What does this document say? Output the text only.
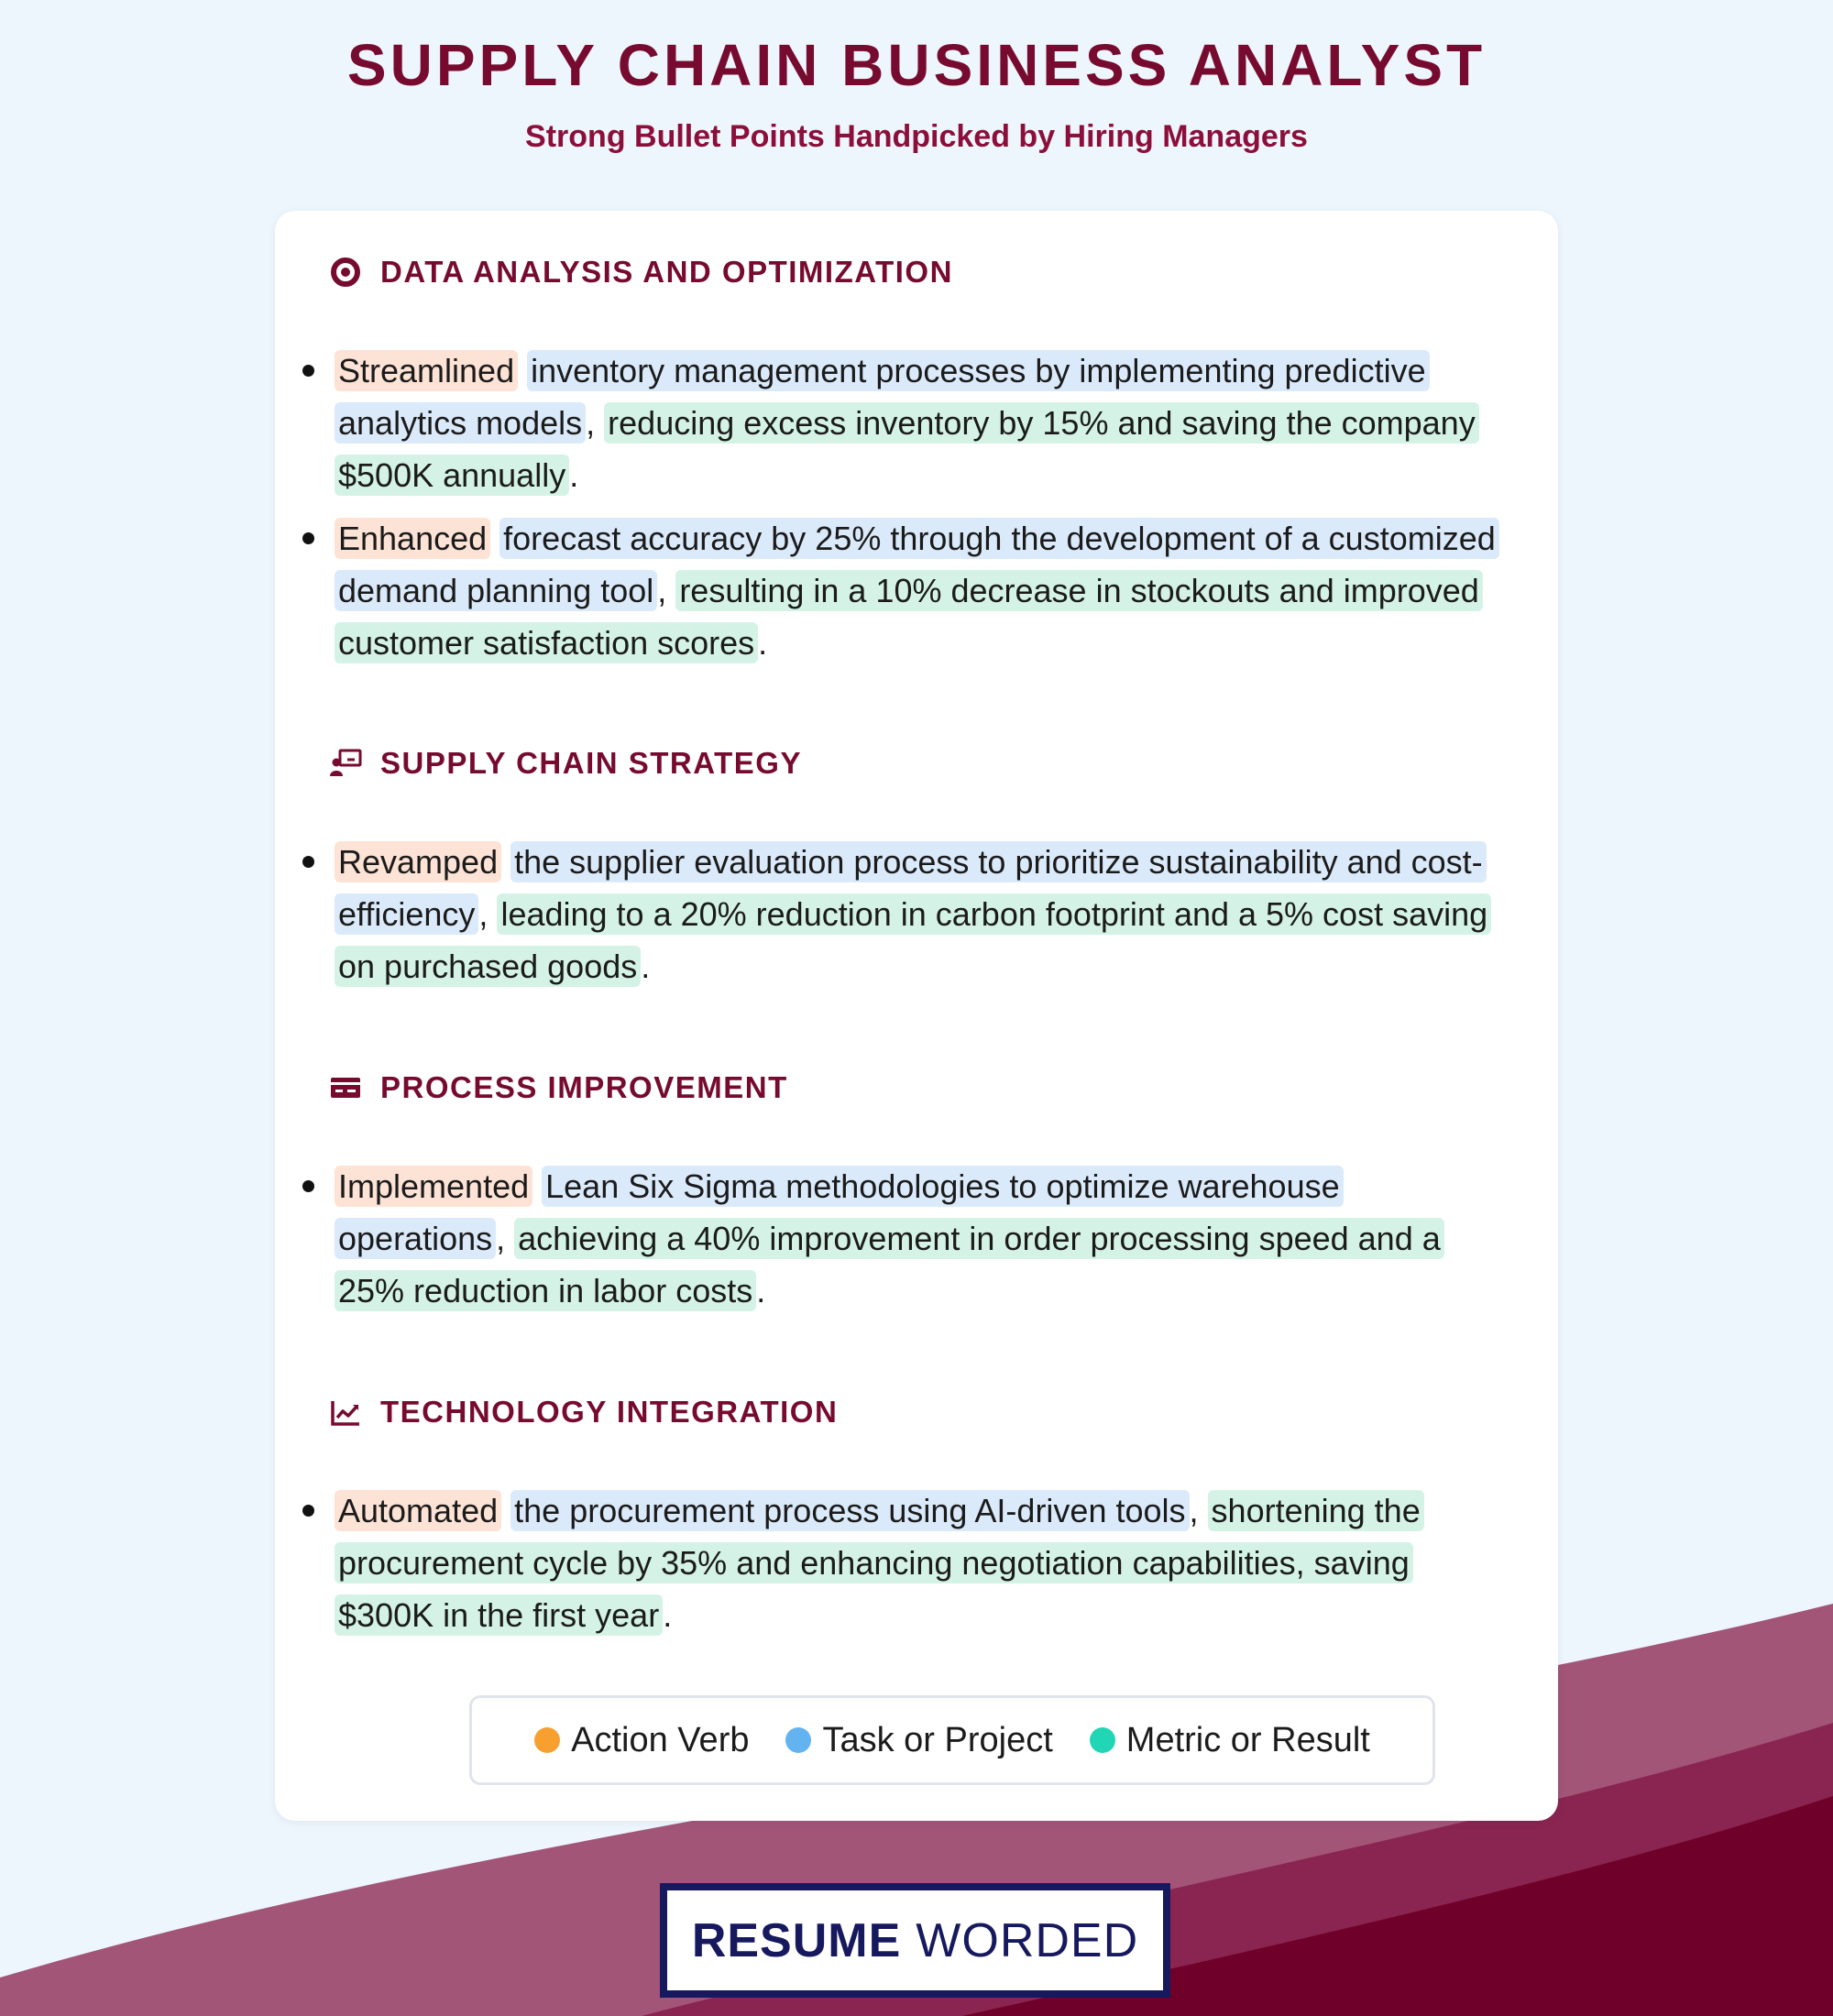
SUPPLY CHAIN BUSINESS ANALYST
Strong Bullet Points Handpicked by Hiring Managers
DATA ANALYSIS AND OPTIMIZATION
Streamlined inventory management processes by implementing predictive analytics models , reducing excess inventory by 15% and saving the company $500K annually .
Enhanced forecast accuracy by 25% through the development of a customized demand planning tool , resulting in a 10% decrease in stockouts and improved customer satisfaction scores .
SUPPLY CHAIN STRATEGY
Revamped the supplier evaluation process to prioritize sustainability and cost-efficiency , leading to a 20% reduction in carbon footprint and a 5% cost saving on purchased goods .
PROCESS IMPROVEMENT
Implemented Lean Six Sigma methodologies to optimize warehouse operations , achieving a 40% improvement in order processing speed and a 25% reduction in labor costs .
TECHNOLOGY INTEGRATION
Automated the procurement process using AI-driven tools , shortening the procurement cycle by 35% and enhancing negotiation capabilities, saving $300K in the first year .
Action Verb Task or Project Metric or Result
RESUME WORDED
